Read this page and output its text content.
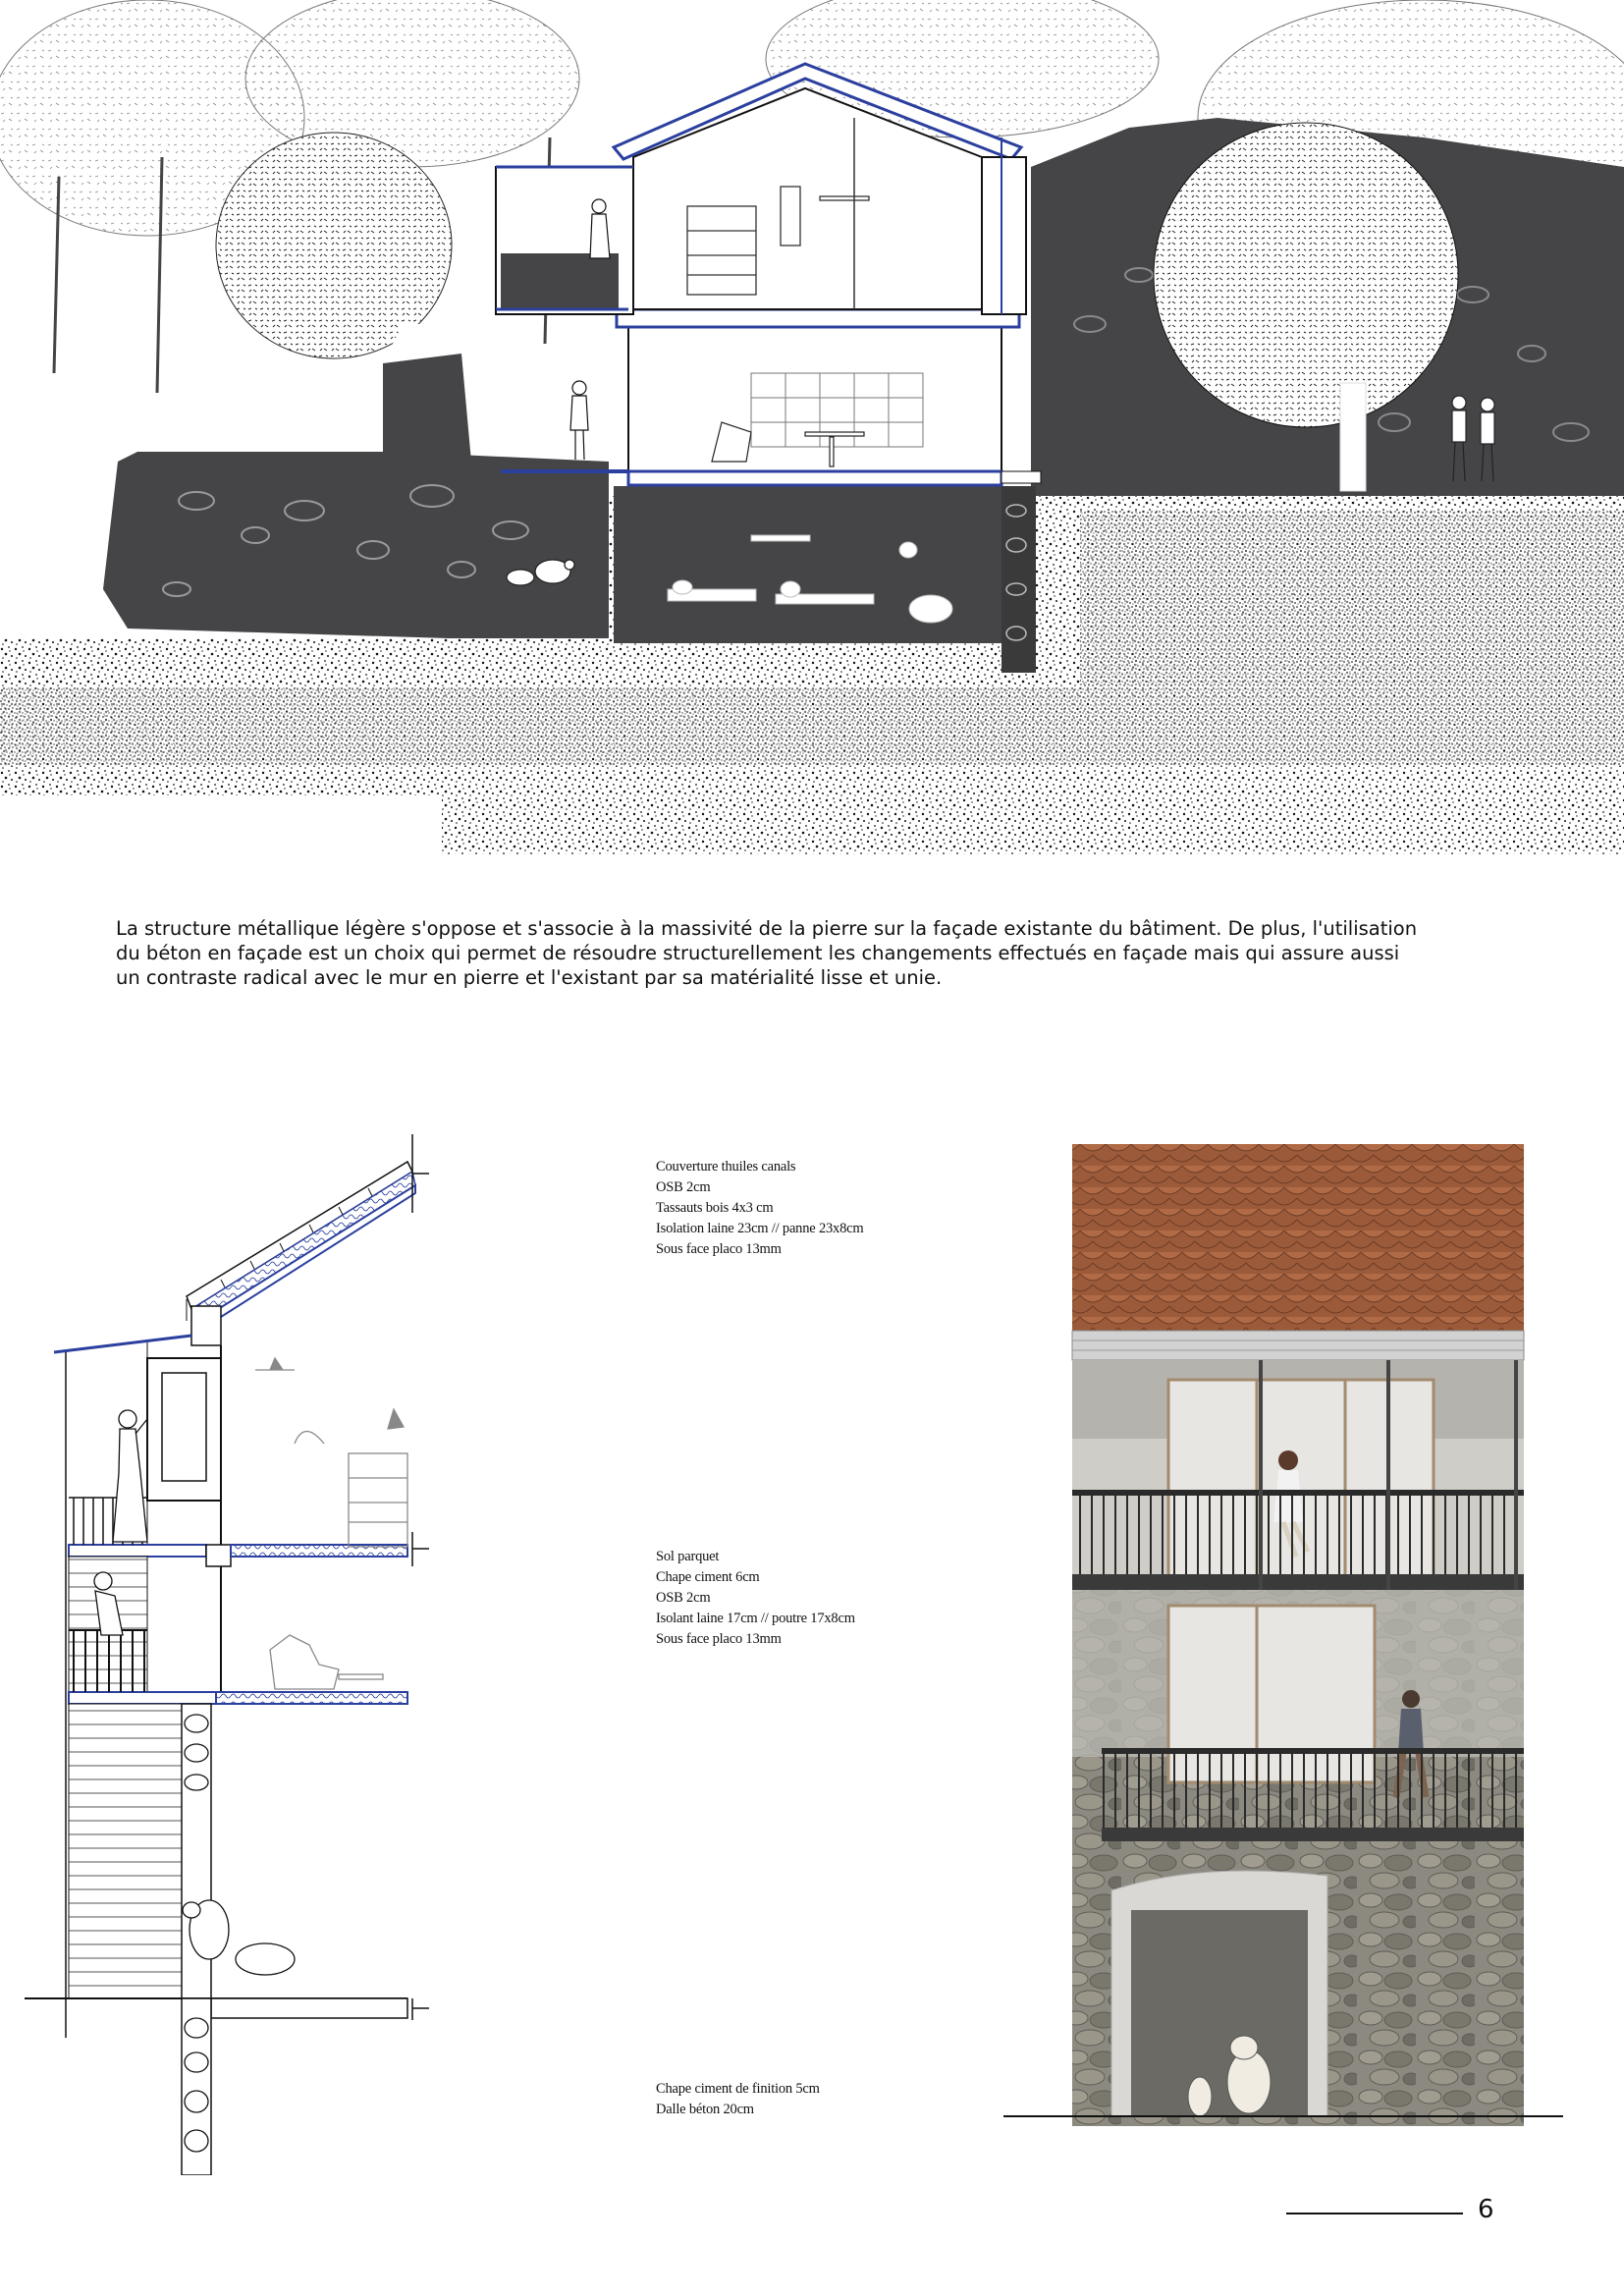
La structure métallique légère s'oppose et s'associe à la massivité de la pierre sur la façade existante du bâtiment. De plus, l'utilisation
du béton en façade est un choix qui permet de résoudre structurellement les changements effectués en façade mais qui assure aussi
un contraste radical avec le mur en pierre et l'existant par sa matérialité lisse et unie.
Couverture thuiles canals
OSB 2cm
Tassauts bois 4x3 cm
Isolation laine 23cm // panne 23x8cm
Sous face placo 13mm
Sol parquet
Chape ciment 6cm
OSB 2cm
Isolant laine 17cm // poutre 17x8cm
Sous face placo 13mm
Chape ciment de finition 5cm
Dalle béton 20cm
6
